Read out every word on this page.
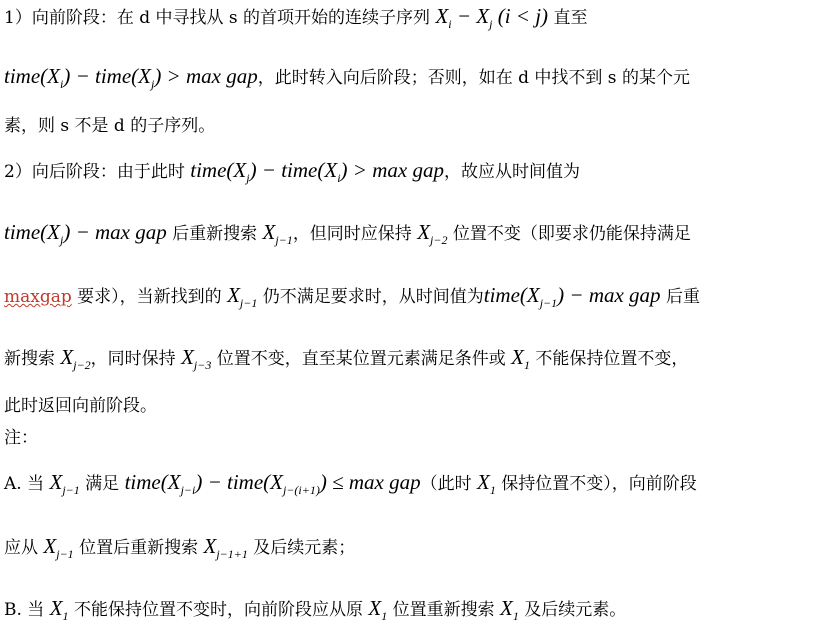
1）向前阶段：在 d 中寻找从 s 的首项开始的连续子序列 $X_i - X_j$ (i < j) 直至
$time(X_i)$ − $time(X_j) > \max$ gap，此时转入向后阶段；否则，如在 d 中找不到 s 的某个元
素，则 s 不是 d 的子序列。
2）向后阶段：由于此时 $time(X_j)$ − $time(X_i) > \max$ gap，故应从时间值为
$time(X_j) - \max$ gap 后重新搜索 $X_{j-1}$，但同时应保持 $X_{j-2}$ 位置不变（即要求仍能保持满足
maxgap 要求），当新找到的 $X_{j-1}$ 仍不满足要求时，从时间值为$time(X_{j-1}) - \max$ gap 后重
新搜索 $X_{j-2}$，同时保持 $X_{j-3}$ 位置不变，直至某位置元素满足条件或 $X_1$ 不能保持位置不变，
此时返回向前阶段。
注：
A. 当 $X_{j-1}$ 满足 $time(X_{j-i})$ − $time(X_{j-(i+1)}) \le \max gap$（此时 $X_1$ 保持位置不变），向前阶段
应从 $X_{j-1}$ 位置后重新搜索 $X_{j-1+1}$ 及后续元素；
B. 当 $X_1$ 不能保持位置不变时，向前阶段应从原 $X_1$ 位置重新搜索 $X_1$ 及后续元素。
